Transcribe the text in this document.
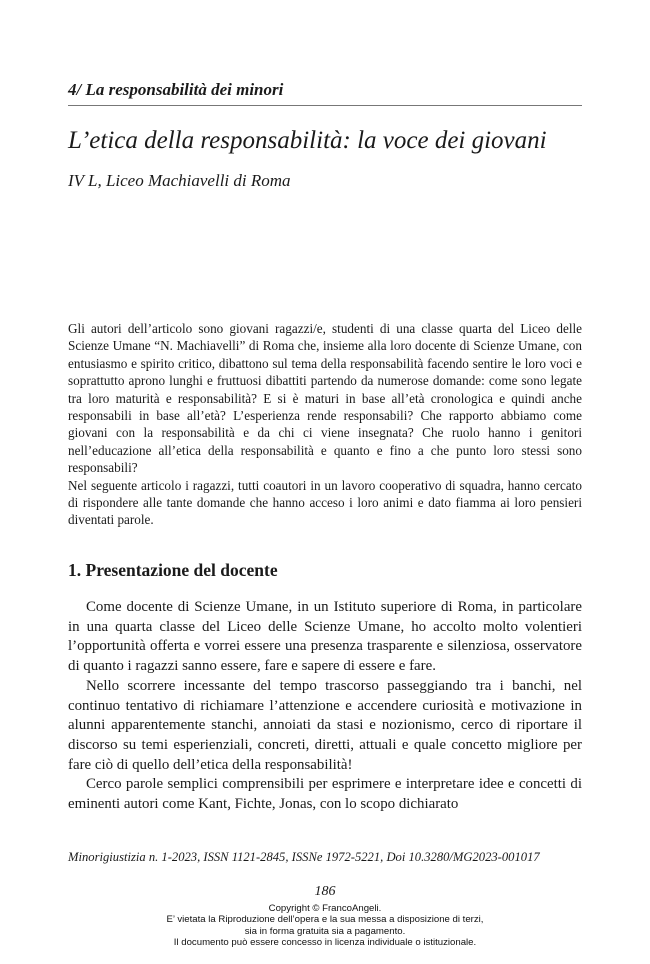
4/ La responsabilità dei minori
L’etica della responsabilità: la voce dei giovani
IV L, Liceo Machiavelli di Roma

Gli autori dell’articolo sono giovani ragazzi/e, studenti di una classe quarta del Liceo delle Scienze Umane “N. Machiavelli” di Roma che, insieme alla loro docente di Scienze Umane, con entusiasmo e spirito critico, dibattono sul tema della responsabilità facendo sentire le loro voci e soprattutto aprono lunghi e fruttuosi dibattiti partendo da numerose domande: come sono legate tra loro maturità e responsabilità? E si è maturi in base all’età cronologica e quindi anche responsabili in base all’età? L’esperienza rende responsabili? Che rapporto abbiamo come giovani con la responsabilità e da chi ci viene insegnata? Che ruolo hanno i genitori nell’educazione all’etica della responsabilità e quanto e fino a che punto loro stessi sono responsabili?

Nel seguente articolo i ragazzi, tutti coautori in un lavoro cooperativo di squadra, hanno cercato di rispondere alle tante domande che hanno acceso i loro animi e dato fiamma ai loro pensieri diventati parole.

1. Presentazione del docente

Come docente di Scienze Umane, in un Istituto superiore di Roma, in particolare in una quarta classe del Liceo delle Scienze Umane, ho accolto molto volentieri l’opportunità offerta e vorrei essere una presenza trasparente e silenziosa, osservatore di quanto i ragazzi sanno essere, fare e sapere di essere e fare.

Nello scorrere incessante del tempo trascorso passeggiando tra i banchi, nel continuo tentativo di richiamare l’attenzione e accendere curiosità e motivazione in alunni apparentemente stanchi, annoiati da stasi e nozionismo, cerco di riportare il discorso su temi esperienziali, concreti, diretti, attuali e quale concetto migliore per fare ciò di quello dell’etica della responsabilità!

Cerco parole semplici comprensibili per esprimere e interpretare idee e concetti di eminenti autori come Kant, Fichte, Jonas, con lo scopo dichiarato

Minorigiustizia n. 1-2023, ISSN 1121-2845, ISSNe 1972-5221, Doi 10.3280/MG2023-001017
186
Copyright © FrancoAngeli.
E’ vietata la Riproduzione dell’opera e la sua messa a disposizione di terzi,
sia in forma gratuita sia a pagamento.
Il documento può essere concesso in licenza individuale o istituzionale.
